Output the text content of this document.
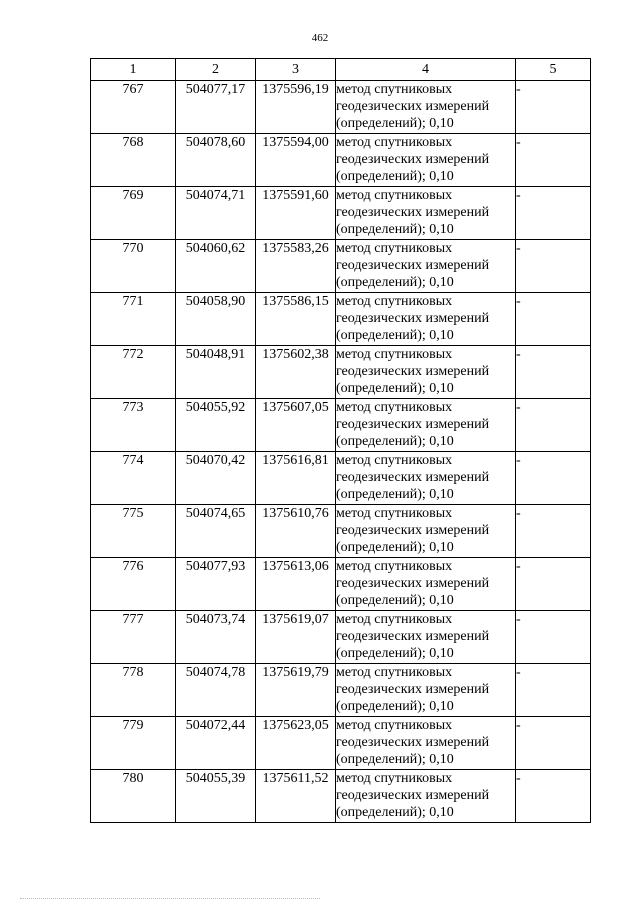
462
1	2	3	4	5
767	504077,17	1375596,19	метод спутниковых
геодезических измерений
(определений); 0,10	-
768	504078,60	1375594,00	метод спутниковых
геодезических измерений
(определений); 0,10	-
769	504074,71	1375591,60	метод спутниковых
геодезических измерений
(определений); 0,10	-
770	504060,62	1375583,26	метод спутниковых
геодезических измерений
(определений); 0,10	-
771	504058,90	1375586,15	метод спутниковых
геодезических измерений
(определений); 0,10	-
772	504048,91	1375602,38	метод спутниковых
геодезических измерений
(определений); 0,10	-
773	504055,92	1375607,05	метод спутниковых
геодезических измерений
(определений); 0,10	-
774	504070,42	1375616,81	метод спутниковых
геодезических измерений
(определений); 0,10	-
775	504074,65	1375610,76	метод спутниковых
геодезических измерений
(определений); 0,10	-
776	504077,93	1375613,06	метод спутниковых
геодезических измерений
(определений); 0,10	-
777	504073,74	1375619,07	метод спутниковых
геодезических измерений
(определений); 0,10	-
778	504074,78	1375619,79	метод спутниковых
геодезических измерений
(определений); 0,10	-
779	504072,44	1375623,05	метод спутниковых
геодезических измерений
(определений); 0,10	-
780	504055,39	1375611,52	метод спутниковых
геодезических измерений
(определений); 0,10	-
